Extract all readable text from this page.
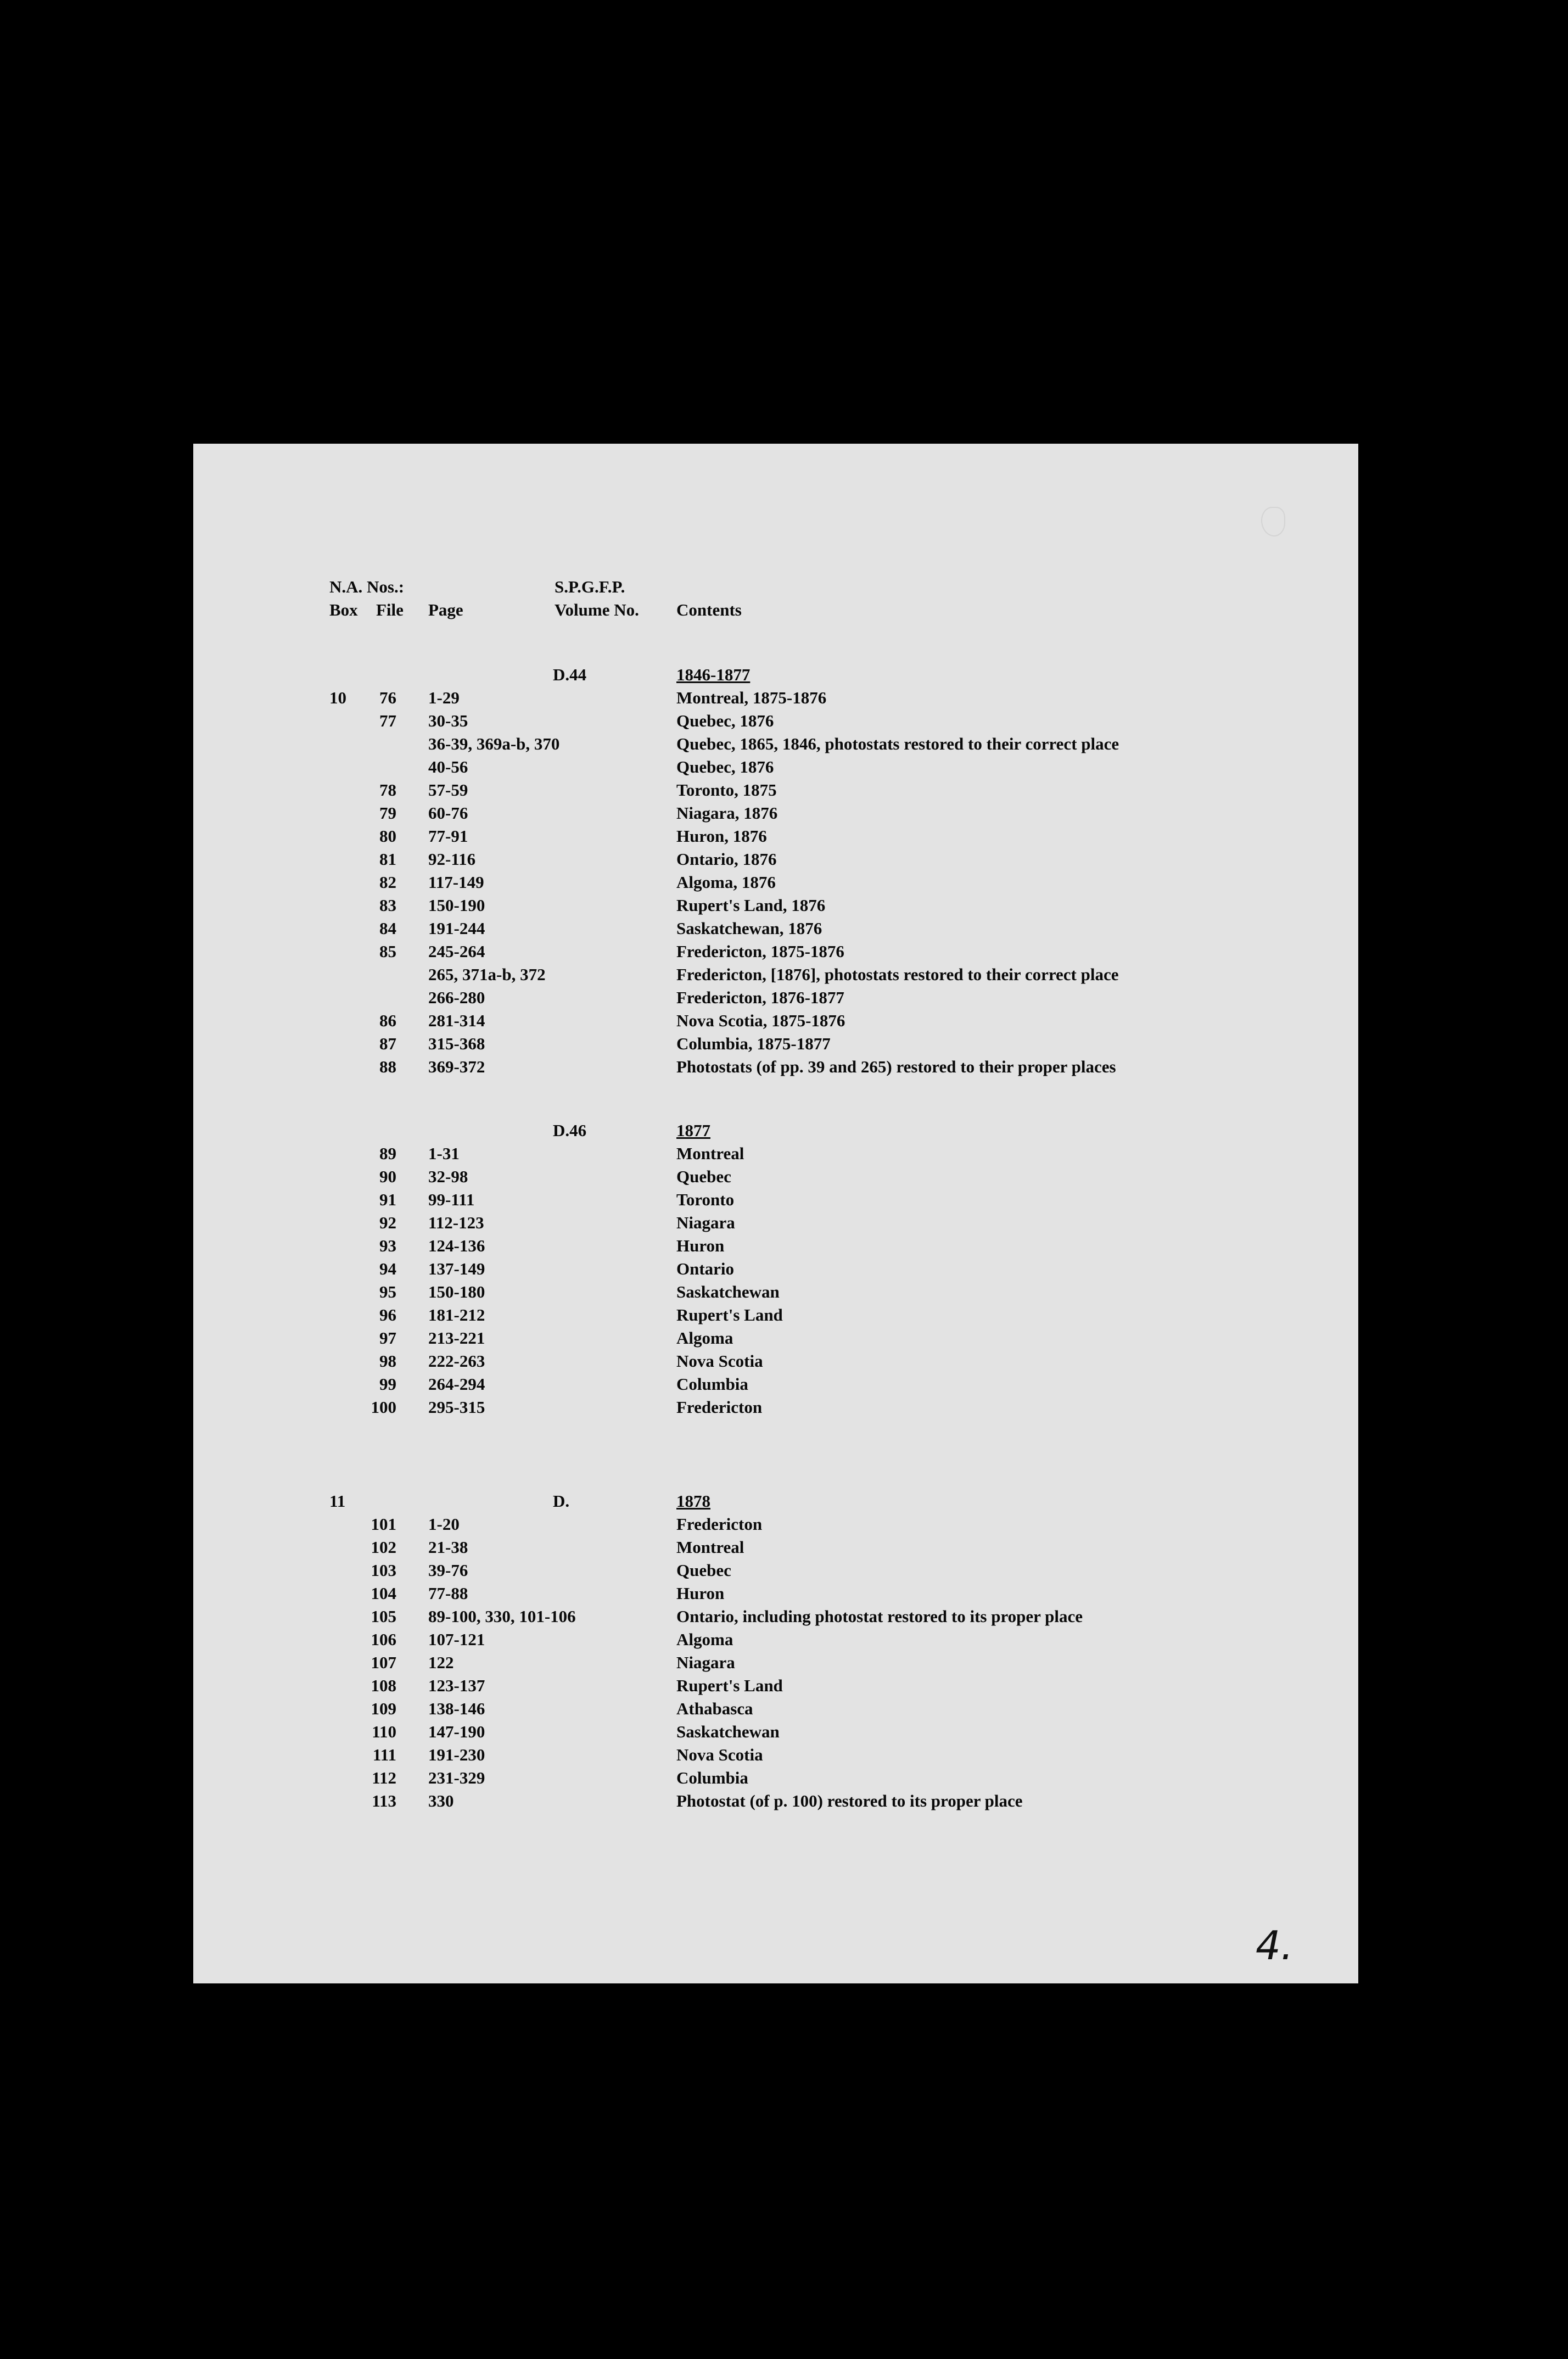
N.A. Nos.:	S.P.G.F.P.
Box File Page	Volume No. Contents
D.44	1846-1877
10	76 1-29	Montreal, 1875-1876
77 30-35	Quebec, 1876
36-39, 369a-b, 370	Quebec, 1865, 1846, photostats restored to their correct place
40-56	Quebec, 1876
78 57-59	Toronto, 1875
79 60-76	Niagara, 1876
80 77-91	Huron, 1876
81 92-116	Ontario, 1876
82 117-149	Algoma, 1876
83 150-190	Rupert's Land, 1876
84 191-244	Saskatchewan, 1876
85 245-264	Fredericton, 1875-1876
265, 371a-b, 372	Fredericton, [1876], photostats restored to their correct place
266-280	Fredericton, 1876-1877
86 281-314	Nova Scotia, 1875-1876
87 315-368	Columbia, 1875-1877
88 369-372	Photostats (of pp. 39 and 265) restored to their proper places
D.46	1877
89 1-31	Montreal
90 32-98	Quebec
91 99-111	Toronto
92 112-123	Niagara
93 124-136	Huron
94 137-149	Ontario
95 150-180	Saskatchewan
96 181-212	Rupert's Land
97 213-221	Algoma
98 222-263	Nova Scotia
99 264-294	Columbia
100 295-315	Fredericton
11	D.	1878
101 1-20	Fredericton
102 21-38	Montreal
103 39-76	Quebec
104 77-88	Huron
105 89-100, 330, 101-106	Ontario, including photostat restored to its proper place
106 107-121	Algoma
107 122	Niagara
108 123-137	Rupert's Land
109 138-146	Athabasca
110 147-190	Saskatchewan
111 191-230	Nova Scotia
112 231-329	Columbia
113 330	Photostat (of p. 100) restored to its proper place
4.
